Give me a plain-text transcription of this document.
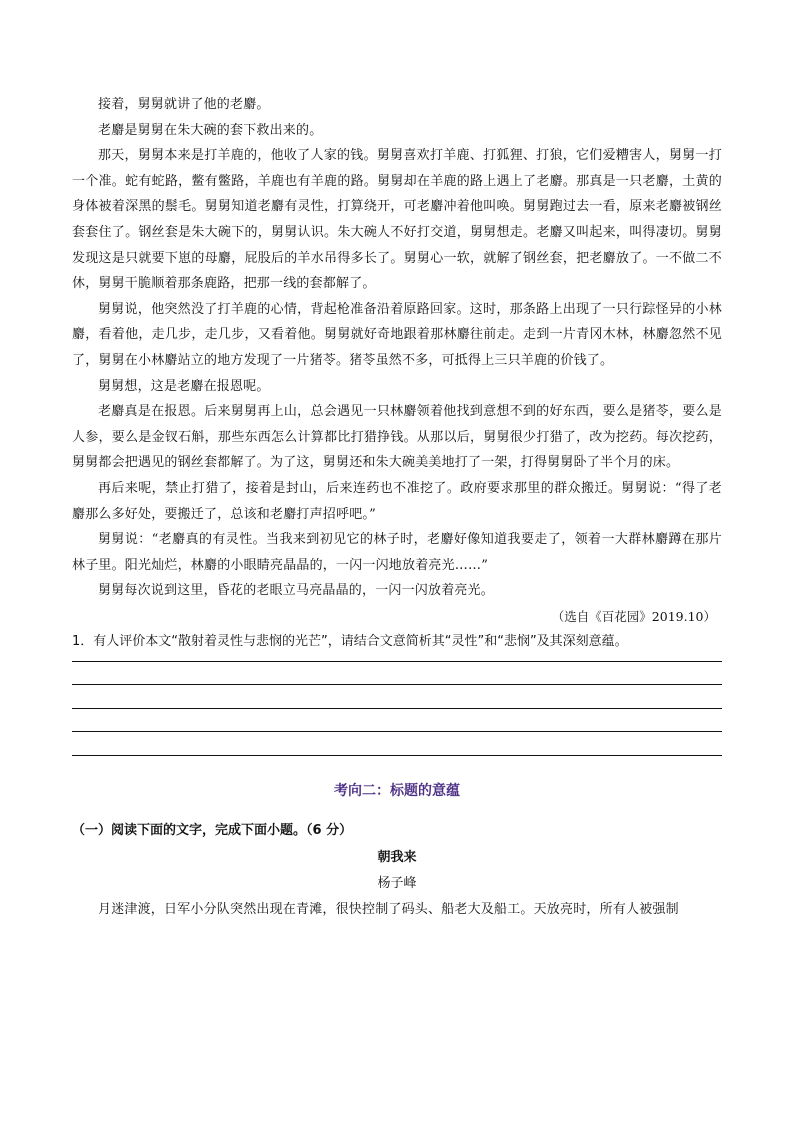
接着，舅舅就讲了他的老麝。

老麝是舅舅在朱大碗的套下救出来的。

那天，舅舅本来是打羊鹿的，他收了人家的钱。舅舅喜欢打羊鹿、打狐狸、打狼，它们爱糟害人，舅舅一打一个准。蛇有蛇路，鳖有鳖路，羊鹿也有羊鹿的路。舅舅却在羊鹿的路上遇上了老麝。那真是一只老麝，土黄的身体被着深黑的鬃毛。舅舅知道老麝有灵性，打算绕开，可老麝冲着他叫唤。舅舅跑过去一看，原来老麝被钢丝套套住了。钢丝套是朱大碗下的，舅舅认识。朱大碗人不好打交道，舅舅想走。老麝又叫起来，叫得凄切。舅舅发现这是只就要下崽的母麝，屁股后的羊水吊得多长了。舅舅心一软，就解了钢丝套，把老麝放了。一不做二不休，舅舅干脆顺着那条鹿路，把那一线的套都解了。

舅舅说，他突然没了打羊鹿的心情，背起枪准备沿着原路回家。这时，那条路上出现了一只行踪怪异的小林麝，看着他，走几步，走几步，又看着他。舅舅就好奇地跟着那林麝往前走。走到一片青冈木林，林麝忽然不见了，舅舅在小林麝站立的地方发现了一片猪苓。猪苓虽然不多，可抵得上三只羊鹿的价钱了。

舅舅想，这是老麝在报恩呢。

老麝真是在报恩。后来舅舅再上山，总会遇见一只林麝领着他找到意想不到的好东西，要么是猪苓，要么是人参，要么是金钗石斛，那些东西怎么计算都比打猎挣钱。从那以后，舅舅很少打猎了，改为挖药。每次挖药，舅舅都会把遇见的钢丝套都解了。为了这，舅舅还和朱大碗美美地打了一架，打得舅舅卧了半个月的床。

再后来呢，禁止打猎了，接着是封山，后来连药也不准挖了。政府要求那里的群众搬迁。舅舅说：“得了老麝那么多好处，要搬迁了，总该和老麝打声招呼吧。”

舅舅说：“老麝真的有灵性。当我来到初见它的林子时，老麝好像知道我要走了，领着一大群林麝蹲在那片林子里。阳光灿烂，林麝的小眼睛亮晶晶的，一闪一闪地放着亮光……”

舅舅每次说到这里，昏花的老眼立马亮晶晶的，一闪一闪放着亮光。

（选自《百花园》2019.10）

1．有人评价本文“散射着灵性与悲悯的光芒”，请结合文意简析其“灵性”和“悲悯”及其深刻意蕴。

考向二：标题的意蕴

（一）阅读下面的文字，完成下面小题。（6 分）

朝我来

杨子峰

月迷津渡，日军小分队突然出现在青滩，很快控制了码头、船老大及船工。天放亮时，所有人被强制
